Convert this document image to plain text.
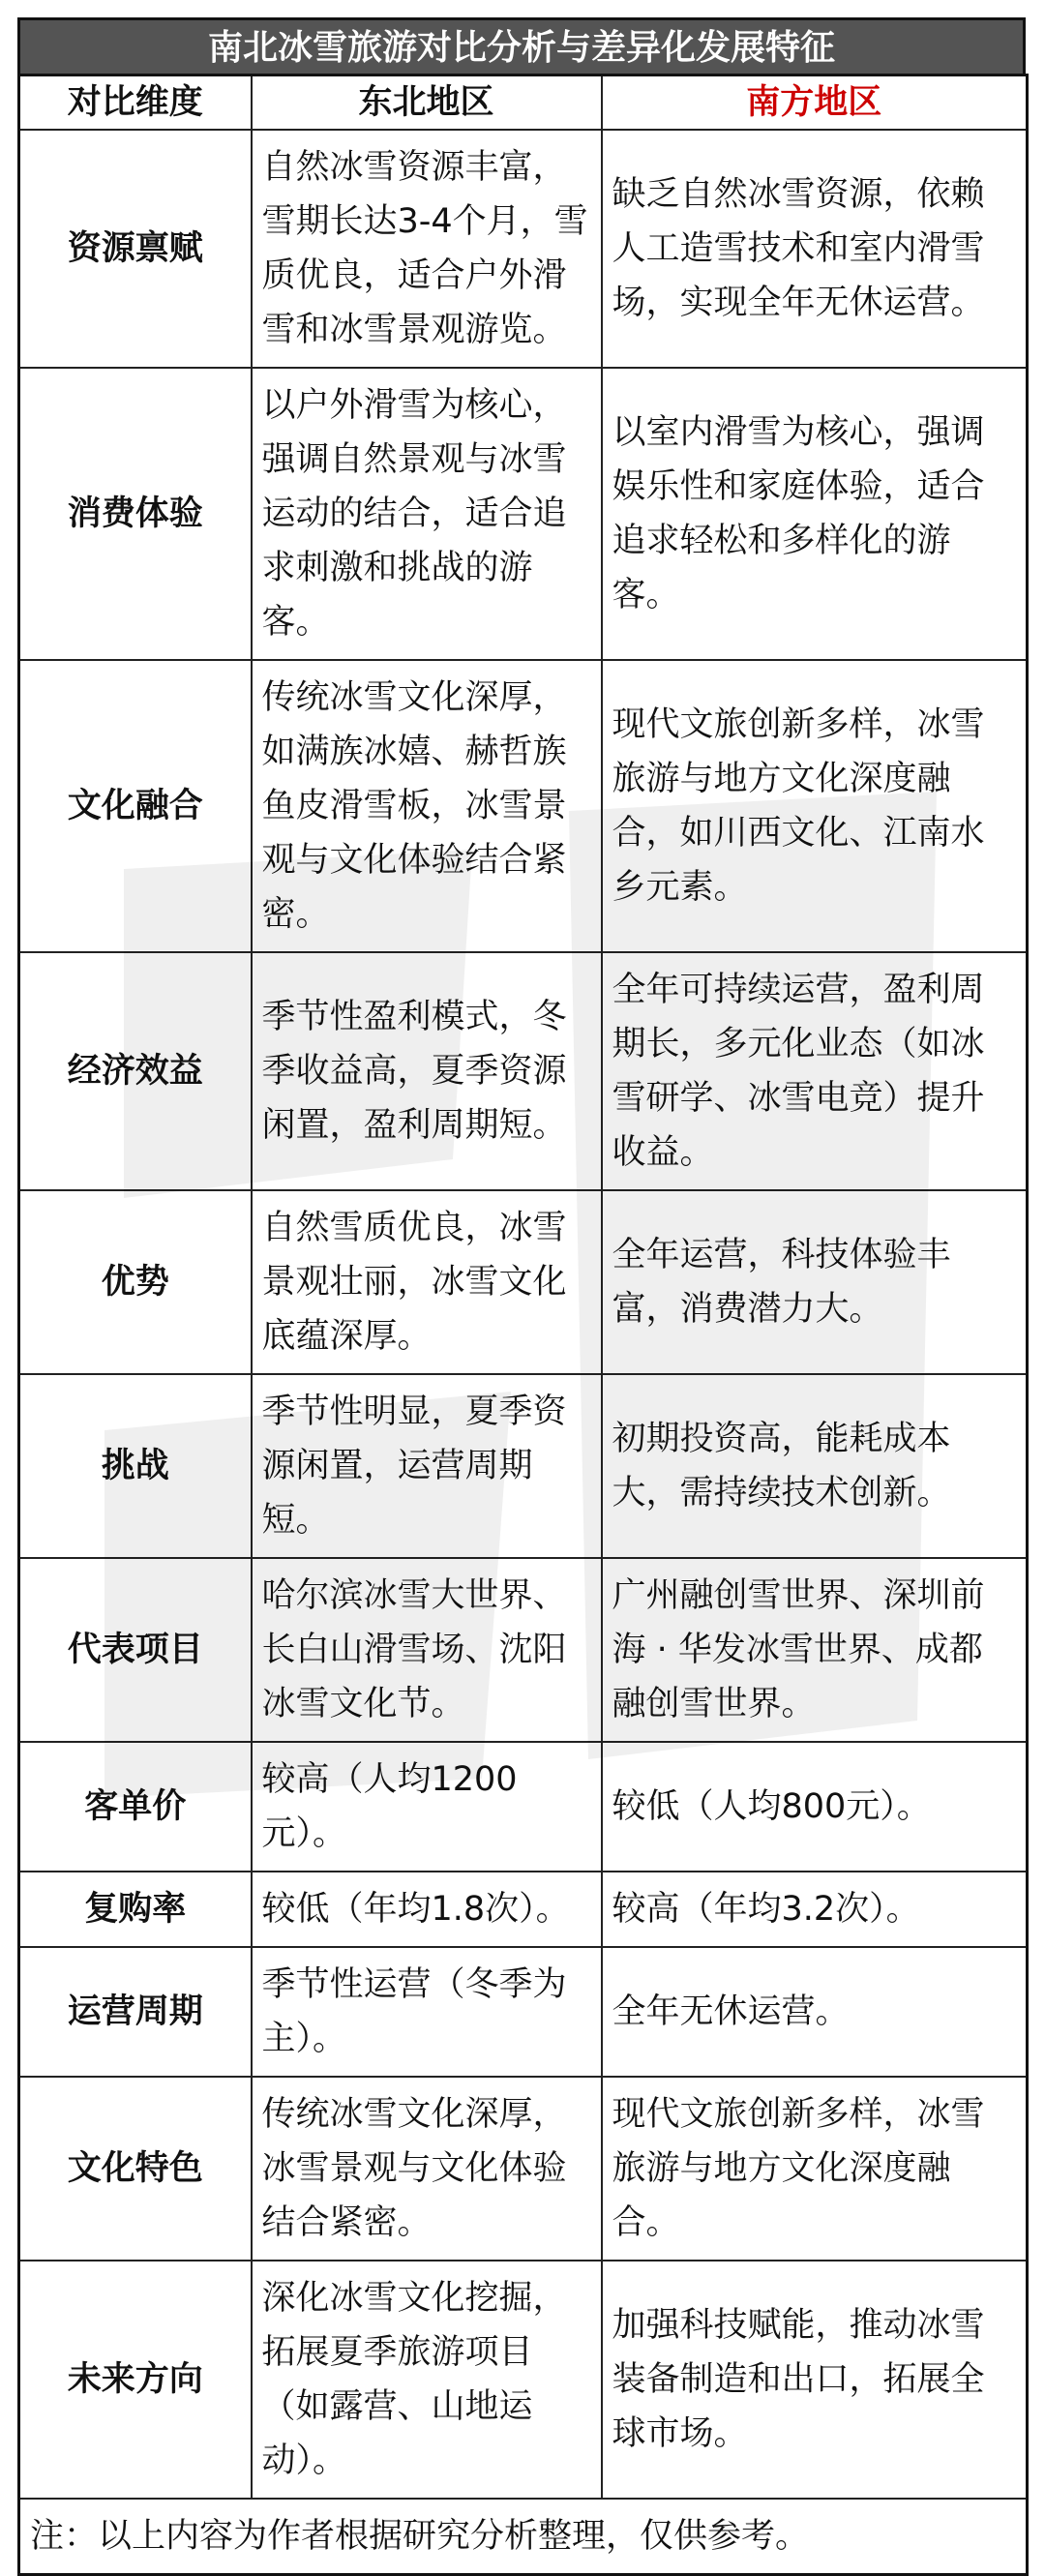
南北冰雪旅游对比分析与差异化发展特征
对比维度	东北地区	南方地区
资源禀赋	自然冰雪资源丰富，雪期长达3-4个月，雪质优良，适合户外滑雪和冰雪景观游览。	缺乏自然冰雪资源，依赖人工造雪技术和室内滑雪场，实现全年无休运营。
消费体验	以户外滑雪为核心，强调自然景观与冰雪运动的结合，适合追求刺激和挑战的游客。	以室内滑雪为核心，强调娱乐性和家庭体验，适合追求轻松和多样化的游客。
文化融合	传统冰雪文化深厚，如满族冰嬉、赫哲族鱼皮滑雪板，冰雪景观与文化体验结合紧密。	现代文旅创新多样，冰雪旅游与地方文化深度融合，如川西文化、江南水乡元素。
经济效益	季节性盈利模式，冬季收益高，夏季资源闲置，盈利周期短。	全年可持续运营，盈利周期长，多元化业态（如冰雪研学、冰雪电竞）提升收益。
优势	自然雪质优良，冰雪景观壮丽，冰雪文化底蕴深厚。	全年运营，科技体验丰富，消费潜力大。
挑战	季节性明显，夏季资源闲置，运营周期短。	初期投资高，能耗成本大，需持续技术创新。
代表项目	哈尔滨冰雪大世界、长白山滑雪场、沈阳冰雪文化节。	广州融创雪世界、深圳前海 · 华发冰雪世界、成都融创雪世界。
客单价	较高（人均1200元）。	较低（人均800元）。
复购率	较低（年均1.8次）。	较高（年均3.2次）。
运营周期	季节性运营（冬季为主）。	全年无休运营。
文化特色	传统冰雪文化深厚，冰雪景观与文化体验结合紧密。	现代文旅创新多样，冰雪旅游与地方文化深度融合。
未来方向	深化冰雪文化挖掘，拓展夏季旅游项目（如露营、山地运动）。	加强科技赋能，推动冰雪装备制造和出口，拓展全球市场。
注：以上内容为作者根据研究分析整理，仅供参考。		
